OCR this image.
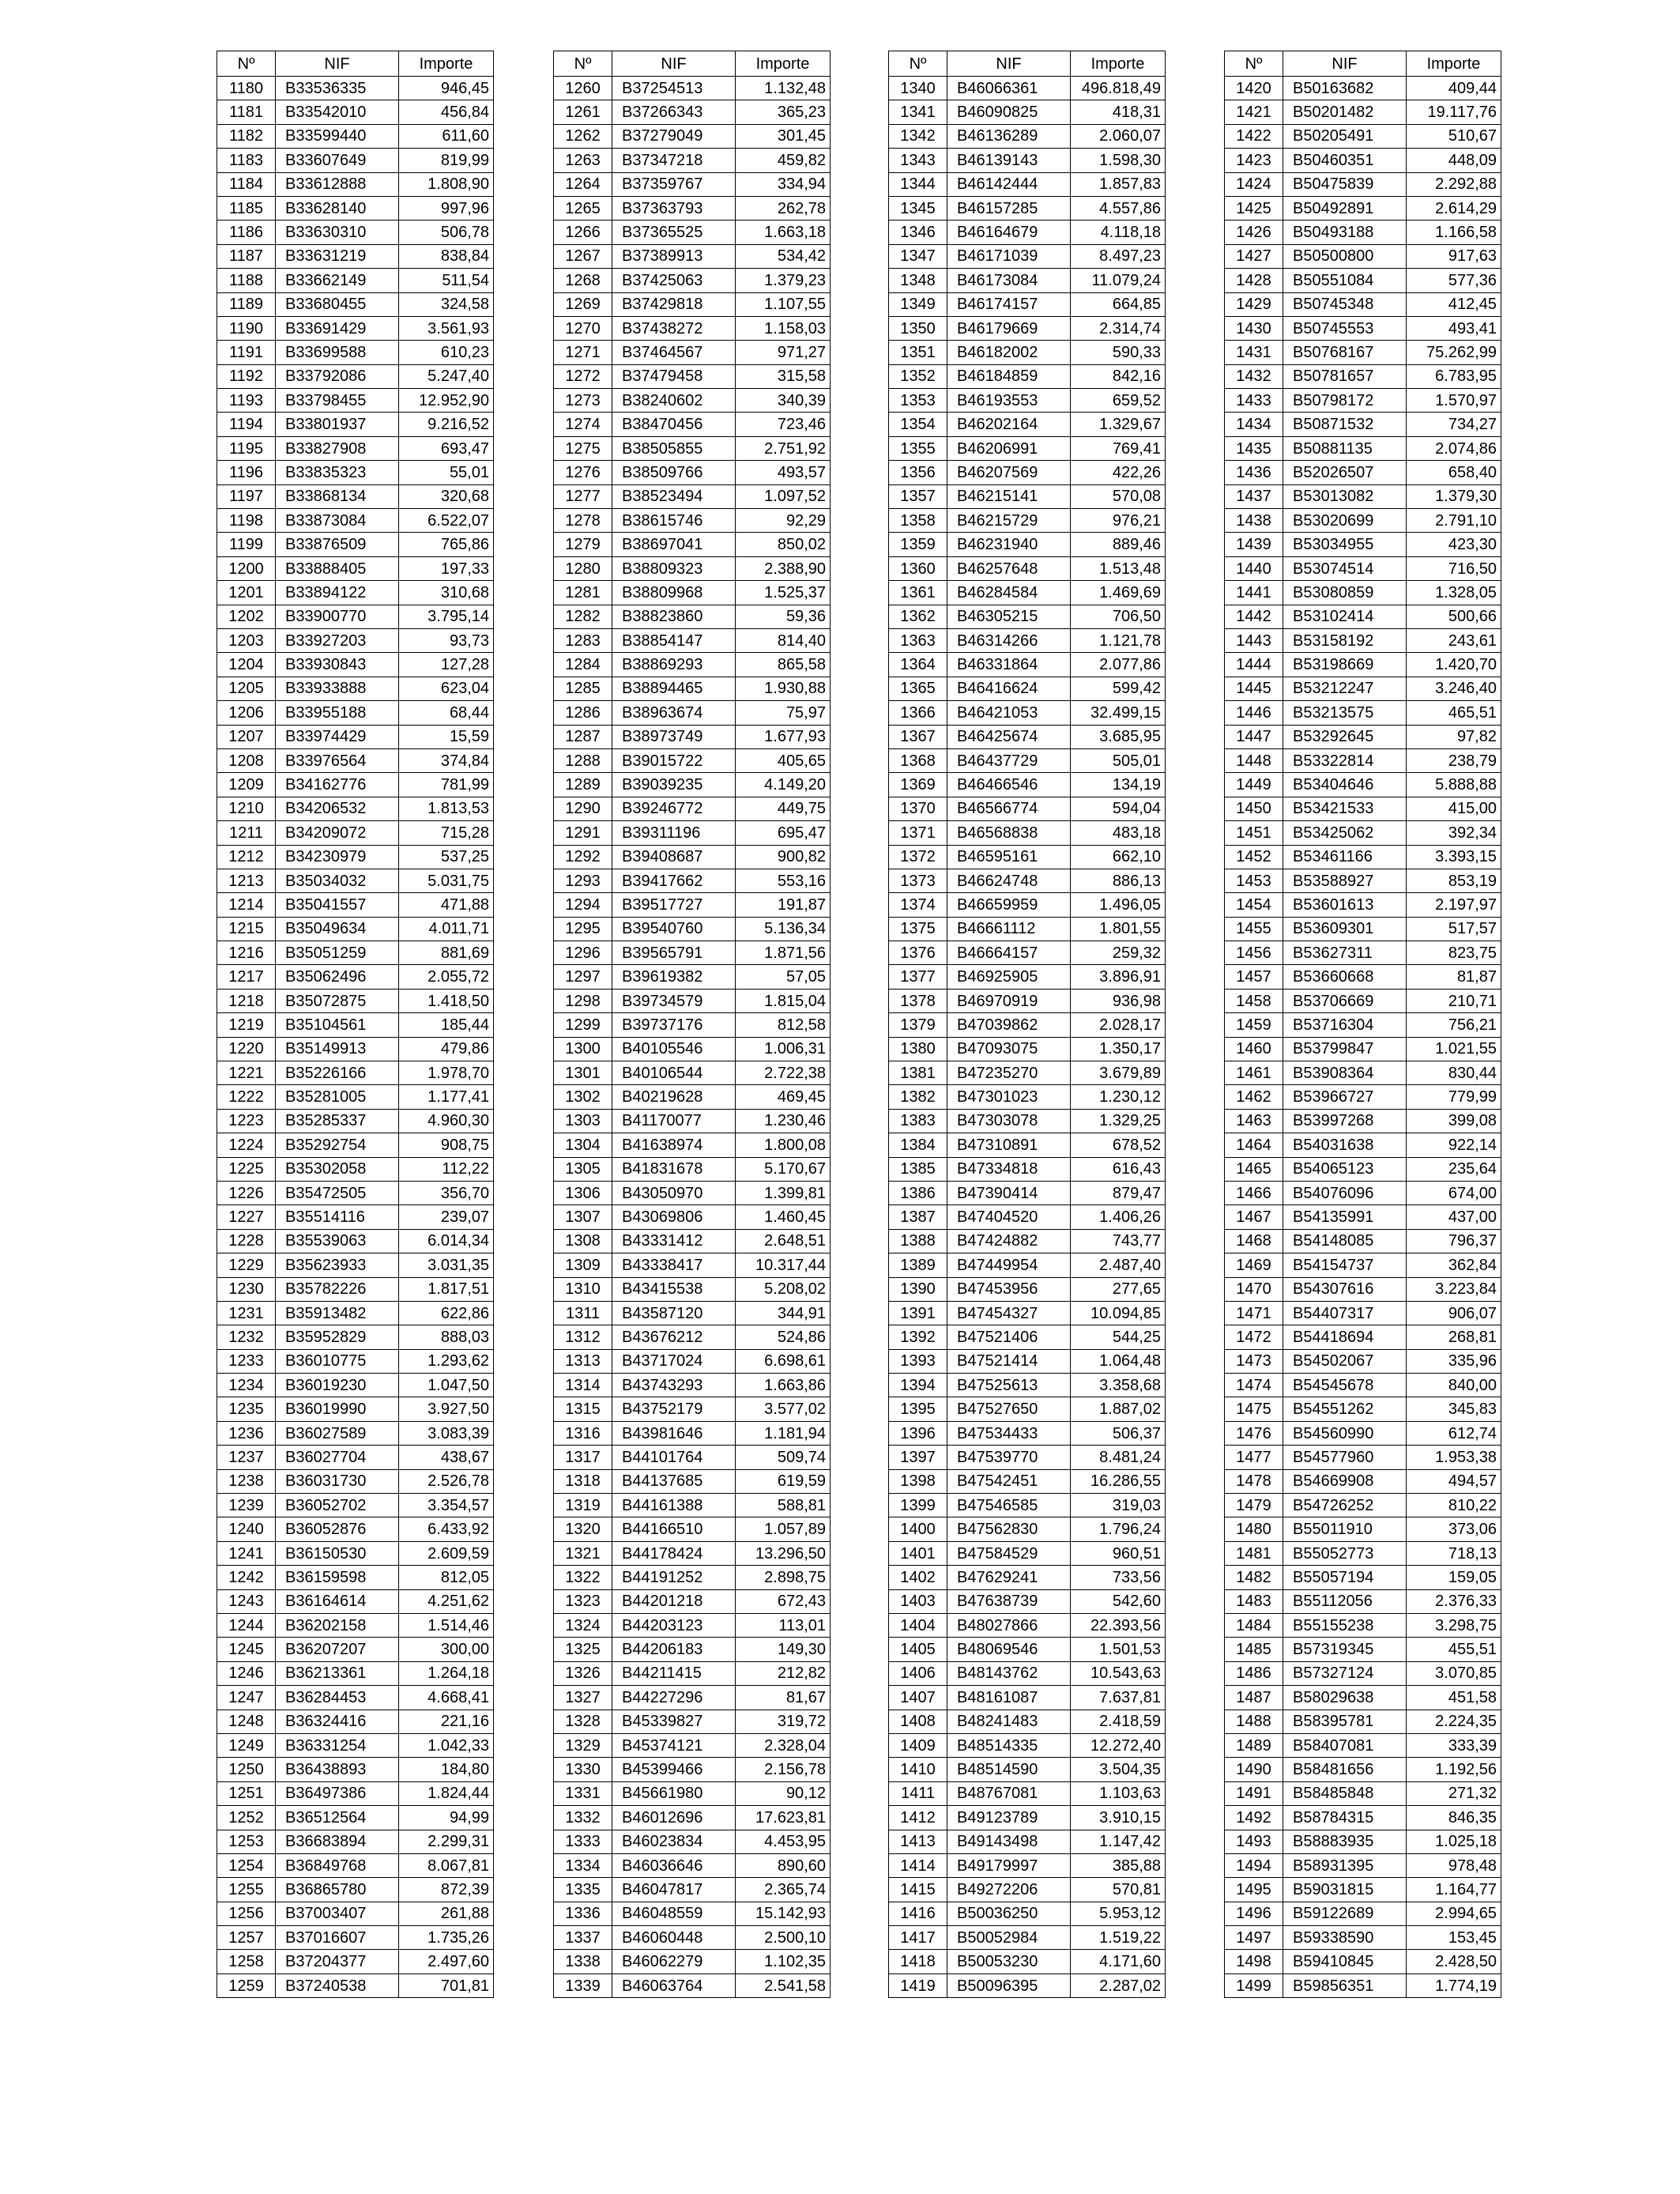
Nº	NIF	Importe
1180	B33536335	946,45
1181	B33542010	456,84
1182	B33599440	611,60
1183	B33607649	819,99
1184	B33612888	1.808,90
1185	B33628140	997,96
1186	B33630310	506,78
1187	B33631219	838,84
1188	B33662149	511,54
1189	B33680455	324,58
1190	B33691429	3.561,93
1191	B33699588	610,23
1192	B33792086	5.247,40
1193	B33798455	12.952,90
1194	B33801937	9.216,52
1195	B33827908	693,47
1196	B33835323	55,01
1197	B33868134	320,68
1198	B33873084	6.522,07
1199	B33876509	765,86
1200	B33888405	197,33
1201	B33894122	310,68
1202	B33900770	3.795,14
1203	B33927203	93,73
1204	B33930843	127,28
1205	B33933888	623,04
1206	B33955188	68,44
1207	B33974429	15,59
1208	B33976564	374,84
1209	B34162776	781,99
1210	B34206532	1.813,53
1211	B34209072	715,28
1212	B34230979	537,25
1213	B35034032	5.031,75
1214	B35041557	471,88
1215	B35049634	4.011,71
1216	B35051259	881,69
1217	B35062496	2.055,72
1218	B35072875	1.418,50
1219	B35104561	185,44
1220	B35149913	479,86
1221	B35226166	1.978,70
1222	B35281005	1.177,41
1223	B35285337	4.960,30
1224	B35292754	908,75
1225	B35302058	112,22
1226	B35472505	356,70
1227	B35514116	239,07
1228	B35539063	6.014,34
1229	B35623933	3.031,35
1230	B35782226	1.817,51
1231	B35913482	622,86
1232	B35952829	888,03
1233	B36010775	1.293,62
1234	B36019230	1.047,50
1235	B36019990	3.927,50
1236	B36027589	3.083,39
1237	B36027704	438,67
1238	B36031730	2.526,78
1239	B36052702	3.354,57
1240	B36052876	6.433,92
1241	B36150530	2.609,59
1242	B36159598	812,05
1243	B36164614	4.251,62
1244	B36202158	1.514,46
1245	B36207207	300,00
1246	B36213361	1.264,18
1247	B36284453	4.668,41
1248	B36324416	221,16
1249	B36331254	1.042,33
1250	B36438893	184,80
1251	B36497386	1.824,44
1252	B36512564	94,99
1253	B36683894	2.299,31
1254	B36849768	8.067,81
1255	B36865780	872,39
1256	B37003407	261,88
1257	B37016607	1.735,26
1258	B37204377	2.497,60
1259	B37240538	701,81
Nº	NIF	Importe
1260	B37254513	1.132,48
1261	B37266343	365,23
1262	B37279049	301,45
1263	B37347218	459,82
1264	B37359767	334,94
1265	B37363793	262,78
1266	B37365525	1.663,18
1267	B37389913	534,42
1268	B37425063	1.379,23
1269	B37429818	1.107,55
1270	B37438272	1.158,03
1271	B37464567	971,27
1272	B37479458	315,58
1273	B38240602	340,39
1274	B38470456	723,46
1275	B38505855	2.751,92
1276	B38509766	493,57
1277	B38523494	1.097,52
1278	B38615746	92,29
1279	B38697041	850,02
1280	B38809323	2.388,90
1281	B38809968	1.525,37
1282	B38823860	59,36
1283	B38854147	814,40
1284	B38869293	865,58
1285	B38894465	1.930,88
1286	B38963674	75,97
1287	B38973749	1.677,93
1288	B39015722	405,65
1289	B39039235	4.149,20
1290	B39246772	449,75
1291	B39311196	695,47
1292	B39408687	900,82
1293	B39417662	553,16
1294	B39517727	191,87
1295	B39540760	5.136,34
1296	B39565791	1.871,56
1297	B39619382	57,05
1298	B39734579	1.815,04
1299	B39737176	812,58
1300	B40105546	1.006,31
1301	B40106544	2.722,38
1302	B40219628	469,45
1303	B41170077	1.230,46
1304	B41638974	1.800,08
1305	B41831678	5.170,67
1306	B43050970	1.399,81
1307	B43069806	1.460,45
1308	B43331412	2.648,51
1309	B43338417	10.317,44
1310	B43415538	5.208,02
1311	B43587120	344,91
1312	B43676212	524,86
1313	B43717024	6.698,61
1314	B43743293	1.663,86
1315	B43752179	3.577,02
1316	B43981646	1.181,94
1317	B44101764	509,74
1318	B44137685	619,59
1319	B44161388	588,81
1320	B44166510	1.057,89
1321	B44178424	13.296,50
1322	B44191252	2.898,75
1323	B44201218	672,43
1324	B44203123	113,01
1325	B44206183	149,30
1326	B44211415	212,82
1327	B44227296	81,67
1328	B45339827	319,72
1329	B45374121	2.328,04
1330	B45399466	2.156,78
1331	B45661980	90,12
1332	B46012696	17.623,81
1333	B46023834	4.453,95
1334	B46036646	890,60
1335	B46047817	2.365,74
1336	B46048559	15.142,93
1337	B46060448	2.500,10
1338	B46062279	1.102,35
1339	B46063764	2.541,58
Nº	NIF	Importe
1340	B46066361	496.818,49
1341	B46090825	418,31
1342	B46136289	2.060,07
1343	B46139143	1.598,30
1344	B46142444	1.857,83
1345	B46157285	4.557,86
1346	B46164679	4.118,18
1347	B46171039	8.497,23
1348	B46173084	11.079,24
1349	B46174157	664,85
1350	B46179669	2.314,74
1351	B46182002	590,33
1352	B46184859	842,16
1353	B46193553	659,52
1354	B46202164	1.329,67
1355	B46206991	769,41
1356	B46207569	422,26
1357	B46215141	570,08
1358	B46215729	976,21
1359	B46231940	889,46
1360	B46257648	1.513,48
1361	B46284584	1.469,69
1362	B46305215	706,50
1363	B46314266	1.121,78
1364	B46331864	2.077,86
1365	B46416624	599,42
1366	B46421053	32.499,15
1367	B46425674	3.685,95
1368	B46437729	505,01
1369	B46466546	134,19
1370	B46566774	594,04
1371	B46568838	483,18
1372	B46595161	662,10
1373	B46624748	886,13
1374	B46659959	1.496,05
1375	B46661112	1.801,55
1376	B46664157	259,32
1377	B46925905	3.896,91
1378	B46970919	936,98
1379	B47039862	2.028,17
1380	B47093075	1.350,17
1381	B47235270	3.679,89
1382	B47301023	1.230,12
1383	B47303078	1.329,25
1384	B47310891	678,52
1385	B47334818	616,43
1386	B47390414	879,47
1387	B47404520	1.406,26
1388	B47424882	743,77
1389	B47449954	2.487,40
1390	B47453956	277,65
1391	B47454327	10.094,85
1392	B47521406	544,25
1393	B47521414	1.064,48
1394	B47525613	3.358,68
1395	B47527650	1.887,02
1396	B47534433	506,37
1397	B47539770	8.481,24
1398	B47542451	16.286,55
1399	B47546585	319,03
1400	B47562830	1.796,24
1401	B47584529	960,51
1402	B47629241	733,56
1403	B47638739	542,60
1404	B48027866	22.393,56
1405	B48069546	1.501,53
1406	B48143762	10.543,63
1407	B48161087	7.637,81
1408	B48241483	2.418,59
1409	B48514335	12.272,40
1410	B48514590	3.504,35
1411	B48767081	1.103,63
1412	B49123789	3.910,15
1413	B49143498	1.147,42
1414	B49179997	385,88
1415	B49272206	570,81
1416	B50036250	5.953,12
1417	B50052984	1.519,22
1418	B50053230	4.171,60
1419	B50096395	2.287,02
Nº	NIF	Importe
1420	B50163682	409,44
1421	B50201482	19.117,76
1422	B50205491	510,67
1423	B50460351	448,09
1424	B50475839	2.292,88
1425	B50492891	2.614,29
1426	B50493188	1.166,58
1427	B50500800	917,63
1428	B50551084	577,36
1429	B50745348	412,45
1430	B50745553	493,41
1431	B50768167	75.262,99
1432	B50781657	6.783,95
1433	B50798172	1.570,97
1434	B50871532	734,27
1435	B50881135	2.074,86
1436	B52026507	658,40
1437	B53013082	1.379,30
1438	B53020699	2.791,10
1439	B53034955	423,30
1440	B53074514	716,50
1441	B53080859	1.328,05
1442	B53102414	500,66
1443	B53158192	243,61
1444	B53198669	1.420,70
1445	B53212247	3.246,40
1446	B53213575	465,51
1447	B53292645	97,82
1448	B53322814	238,79
1449	B53404646	5.888,88
1450	B53421533	415,00
1451	B53425062	392,34
1452	B53461166	3.393,15
1453	B53588927	853,19
1454	B53601613	2.197,97
1455	B53609301	517,57
1456	B53627311	823,75
1457	B53660668	81,87
1458	B53706669	210,71
1459	B53716304	756,21
1460	B53799847	1.021,55
1461	B53908364	830,44
1462	B53966727	779,99
1463	B53997268	399,08
1464	B54031638	922,14
1465	B54065123	235,64
1466	B54076096	674,00
1467	B54135991	437,00
1468	B54148085	796,37
1469	B54154737	362,84
1470	B54307616	3.223,84
1471	B54407317	906,07
1472	B54418694	268,81
1473	B54502067	335,96
1474	B54545678	840,00
1475	B54551262	345,83
1476	B54560990	612,74
1477	B54577960	1.953,38
1478	B54669908	494,57
1479	B54726252	810,22
1480	B55011910	373,06
1481	B55052773	718,13
1482	B55057194	159,05
1483	B55112056	2.376,33
1484	B55155238	3.298,75
1485	B57319345	455,51
1486	B57327124	3.070,85
1487	B58029638	451,58
1488	B58395781	2.224,35
1489	B58407081	333,39
1490	B58481656	1.192,56
1491	B58485848	271,32
1492	B58784315	846,35
1493	B58883935	1.025,18
1494	B58931395	978,48
1495	B59031815	1.164,77
1496	B59122689	2.994,65
1497	B59338590	153,45
1498	B59410845	2.428,50
1499	B59856351	1.774,19
